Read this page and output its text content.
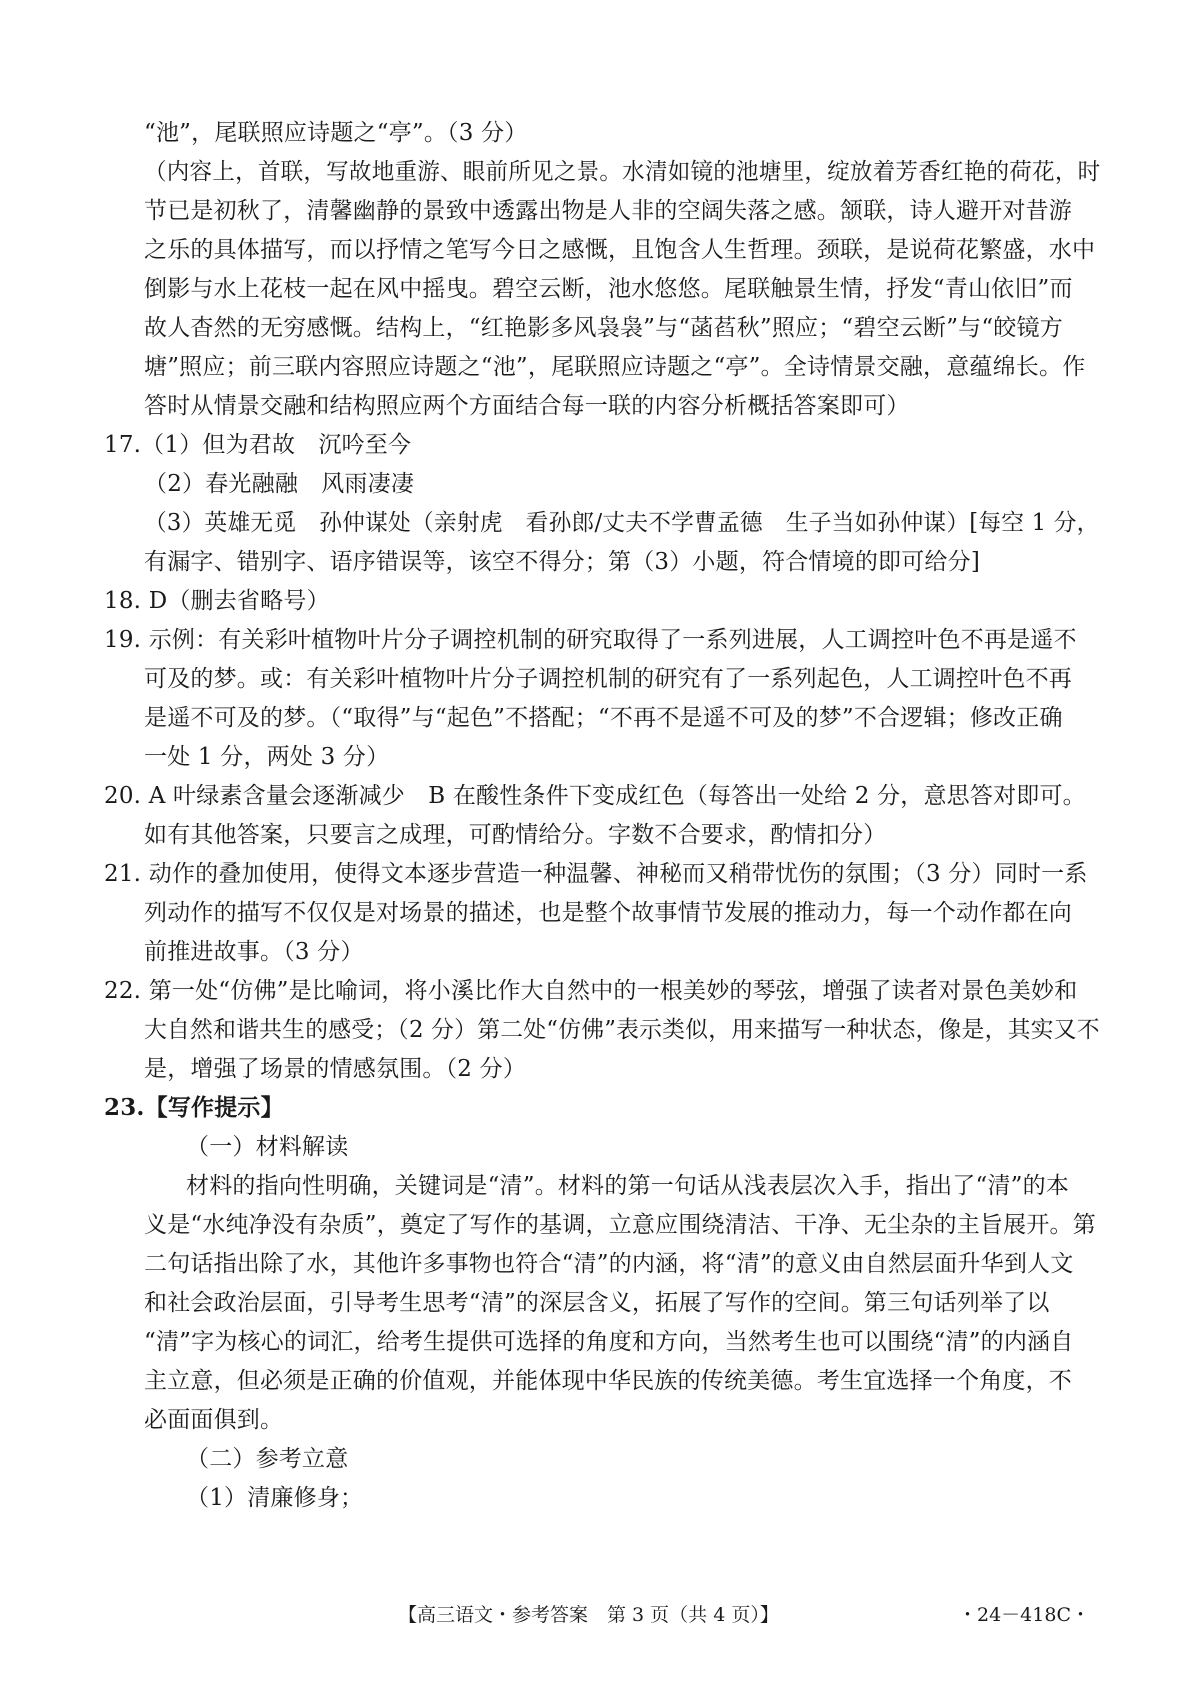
“池”，尾联照应诗题之“亭”。（3 分）
（内容上，首联，写故地重游、眼前所见之景。水清如镜的池塘里，绽放着芳香红艳的荷花，时
节已是初秋了，清馨幽静的景致中透露出物是人非的空阔失落之感。颔联，诗人避开对昔游
之乐的具体描写，而以抒情之笔写今日之感慨，且饱含人生哲理。颈联，是说荷花繁盛，水中
倒影与水上花枝一起在风中摇曳。碧空云断，池水悠悠。尾联触景生情，抒发“青山依旧”而
故人杳然的无穷感慨。结构上，“红艳影多风袅袅”与“菡萏秋”照应；“碧空云断”与“皎镜方
塘”照应；前三联内容照应诗题之“池”，尾联照应诗题之“亭”。全诗情景交融，意蕴绵长。作
答时从情景交融和结构照应两个方面结合每一联的内容分析概括答案即可）
17.（1）但为君故　沉吟至今
（2）春光融融　风雨凄凄
（3）英雄无觅　孙仲谋处（亲射虎　看孙郎/丈夫不学曹孟德　生子当如孙仲谋）[每空 1 分，
有漏字、错别字、语序错误等，该空不得分；第（3）小题，符合情境的即可给分]
18. D（删去省略号）
19. 示例：有关彩叶植物叶片分子调控机制的研究取得了一系列进展，人工调控叶色不再是遥不
可及的梦。或：有关彩叶植物叶片分子调控机制的研究有了一系列起色，人工调控叶色不再
是遥不可及的梦。（“取得”与“起色”不搭配；“不再不是遥不可及的梦”不合逻辑；修改正确
一处 1 分，两处 3 分）
20. A 叶绿素含量会逐渐减少　B 在酸性条件下变成红色（每答出一处给 2 分，意思答对即可。
如有其他答案，只要言之成理，可酌情给分。字数不合要求，酌情扣分）
21. 动作的叠加使用，使得文本逐步营造一种温馨、神秘而又稍带忧伤的氛围；（3 分）同时一系
列动作的描写不仅仅是对场景的描述，也是整个故事情节发展的推动力，每一个动作都在向
前推进故事。（3 分）
22. 第一处“仿佛”是比喻词，将小溪比作大自然中的一根美妙的琴弦，增强了读者对景色美妙和
大自然和谐共生的感受；（2 分）第二处“仿佛”表示类似，用来描写一种状态，像是，其实又不
是，增强了场景的情感氛围。（2 分）
23.【写作提示】
（一）材料解读
材料的指向性明确，关键词是“清”。材料的第一句话从浅表层次入手，指出了“清”的本
义是“水纯净没有杂质”，奠定了写作的基调，立意应围绕清洁、干净、无尘杂的主旨展开。第
二句话指出除了水，其他许多事物也符合“清”的内涵，将“清”的意义由自然层面升华到人文
和社会政治层面，引导考生思考“清”的深层含义，拓展了写作的空间。第三句话列举了以
“清”字为核心的词汇，给考生提供可选择的角度和方向，当然考生也可以围绕“清”的内涵自
主立意，但必须是正确的价值观，并能体现中华民族的传统美德。考生宜选择一个角度，不
必面面俱到。
（二）参考立意
（1）清廉修身；
【高三语文・参考答案　第 3 页（共 4 页）】	・24－418C・
